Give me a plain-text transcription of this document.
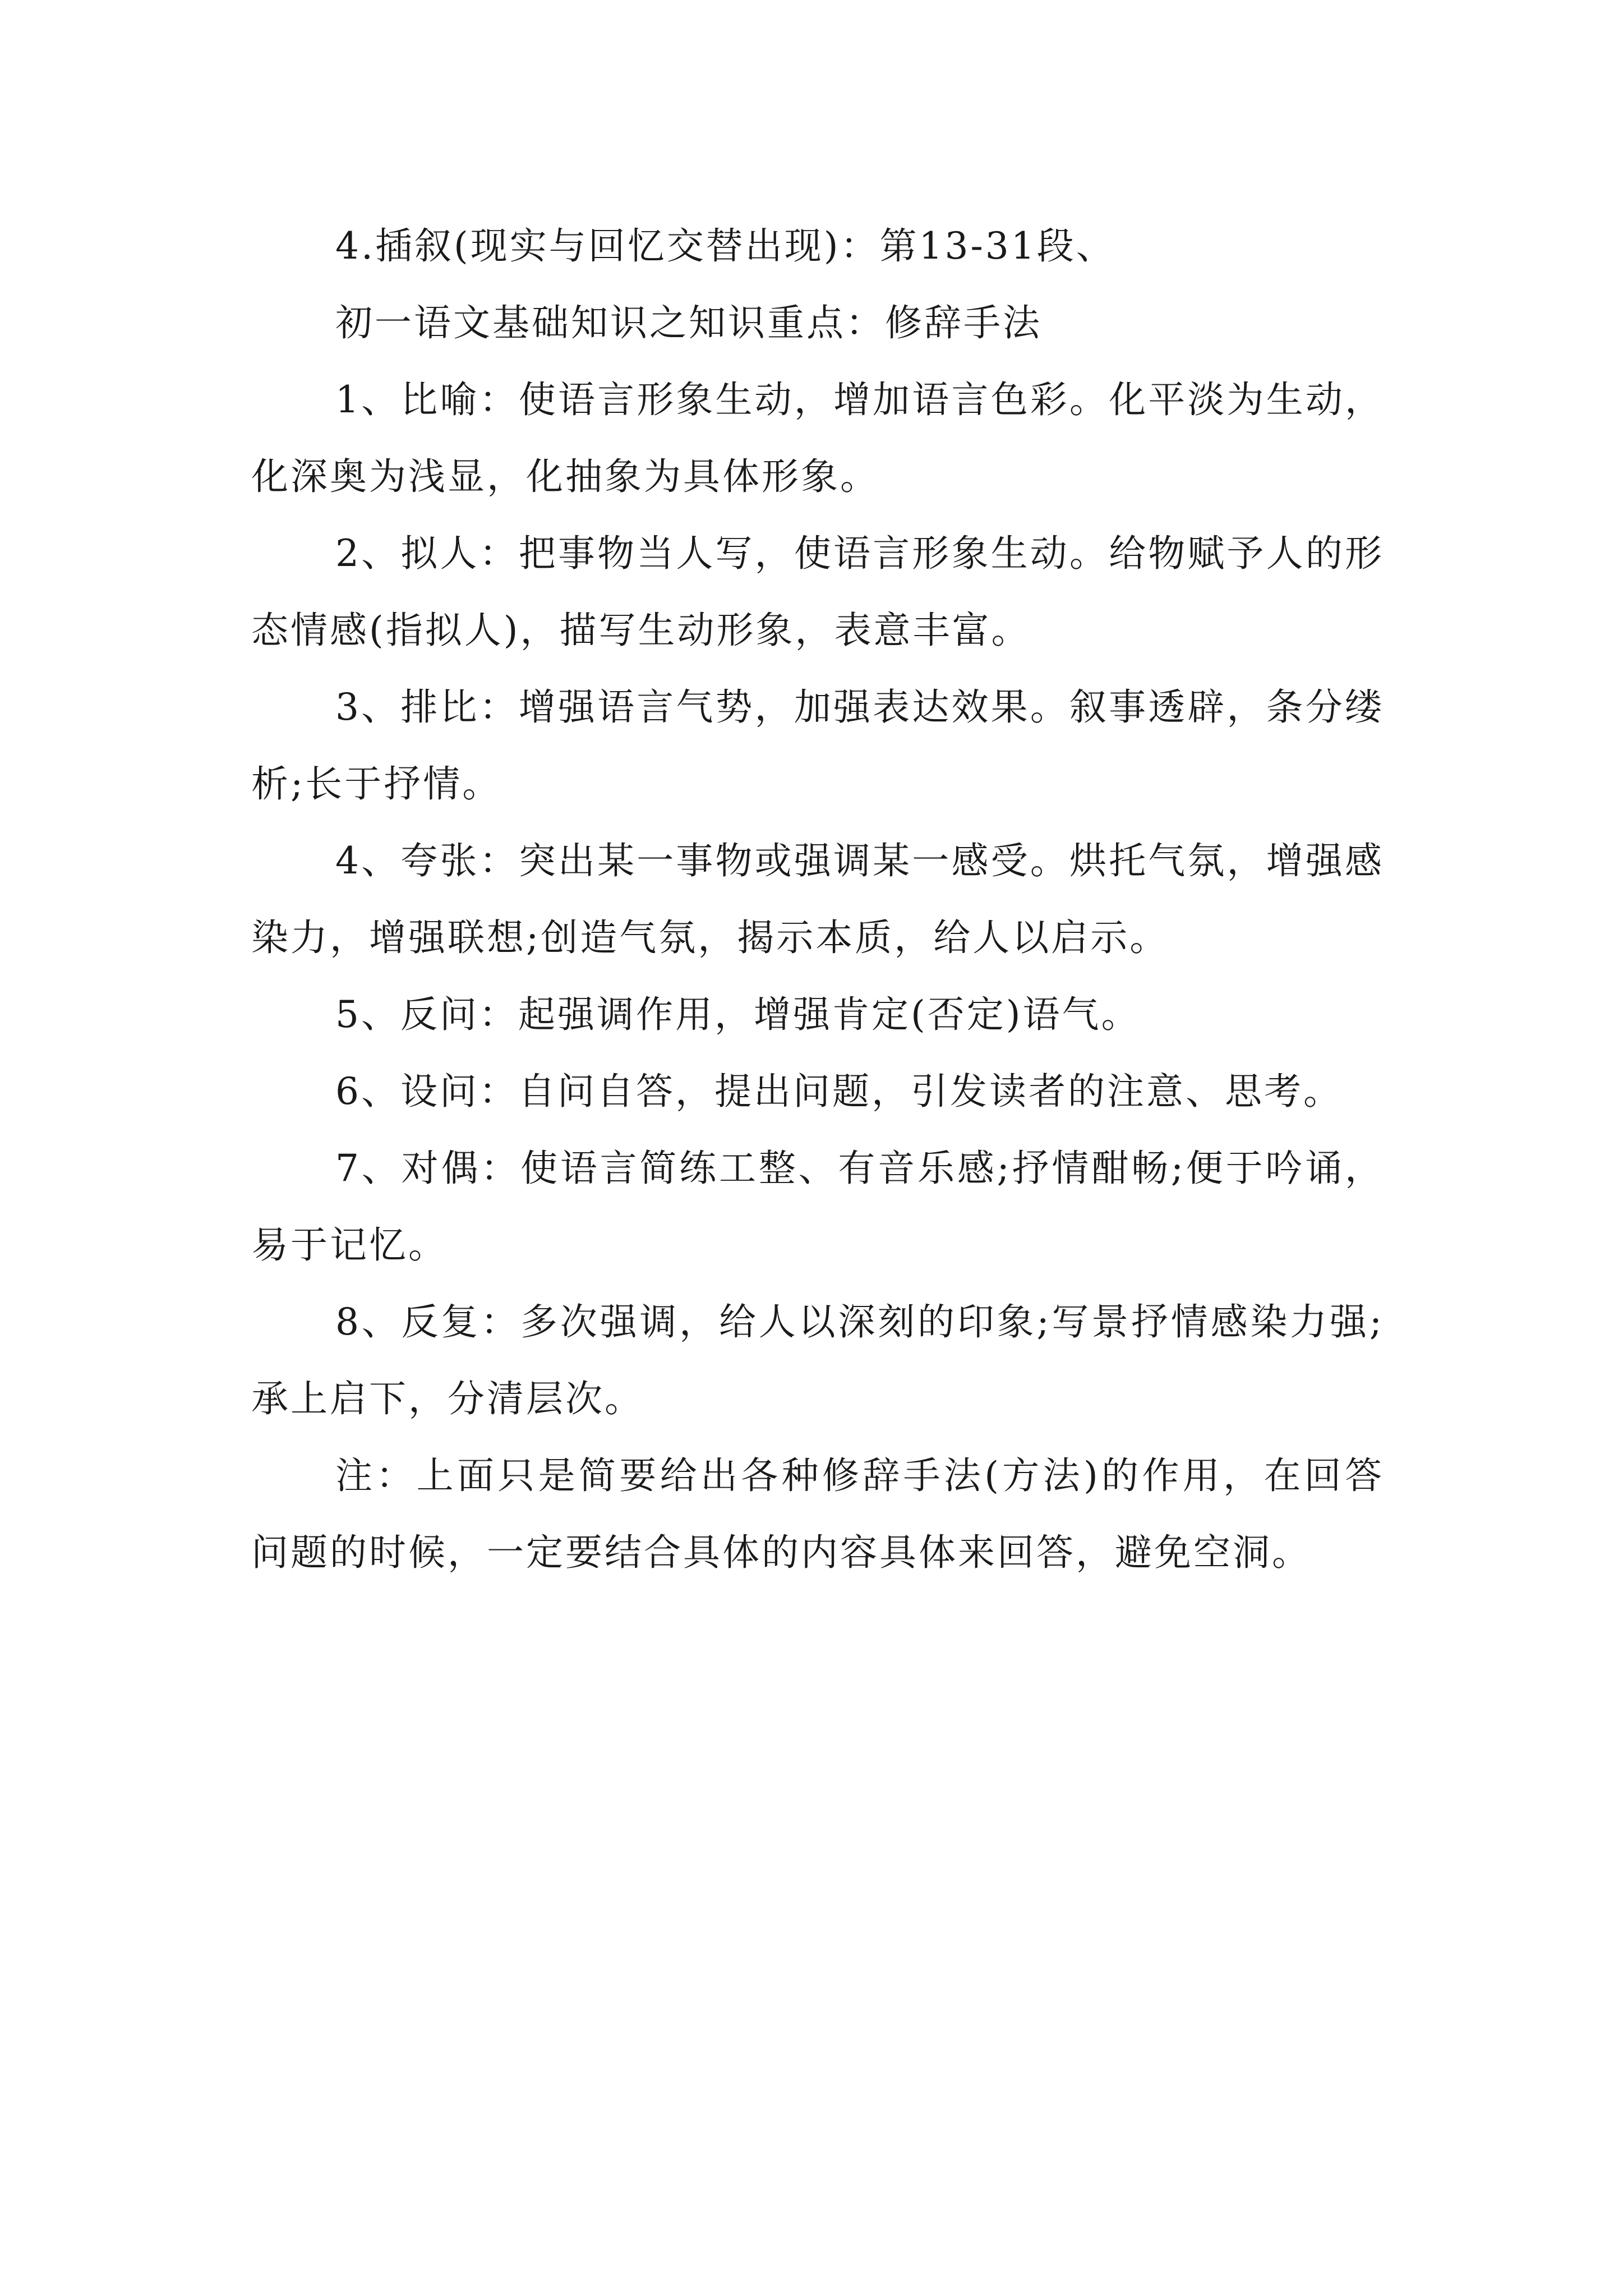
4.插叙(现实与回忆交替出现)：第13-31段、

初一语文基础知识之知识重点：修辞手法

1、比喻：使语言形象生动，增加语言色彩。化平淡为生动，化深奥为浅显，化抽象为具体形象。

2、拟人：把事物当人写，使语言形象生动。给物赋予人的形态情感(指拟人)，描写生动形象，表意丰富。

3、排比：增强语言气势，加强表达效果。叙事透辟，条分缕析;长于抒情。

4、夸张：突出某一事物或强调某一感受。烘托气氛，增强感染力，增强联想;创造气氛，揭示本质，给人以启示。

5、反问：起强调作用，增强肯定(否定)语气。

6、设问：自问自答，提出问题，引发读者的注意、思考。

7、对偶：使语言简练工整、有音乐感;抒情酣畅;便于吟诵，易于记忆。

8、反复：多次强调，给人以深刻的印象;写景抒情感染力强;承上启下，分清层次。

注：上面只是简要给出各种修辞手法(方法)的作用，在回答问题的时候，一定要结合具体的内容具体来回答，避免空洞。
